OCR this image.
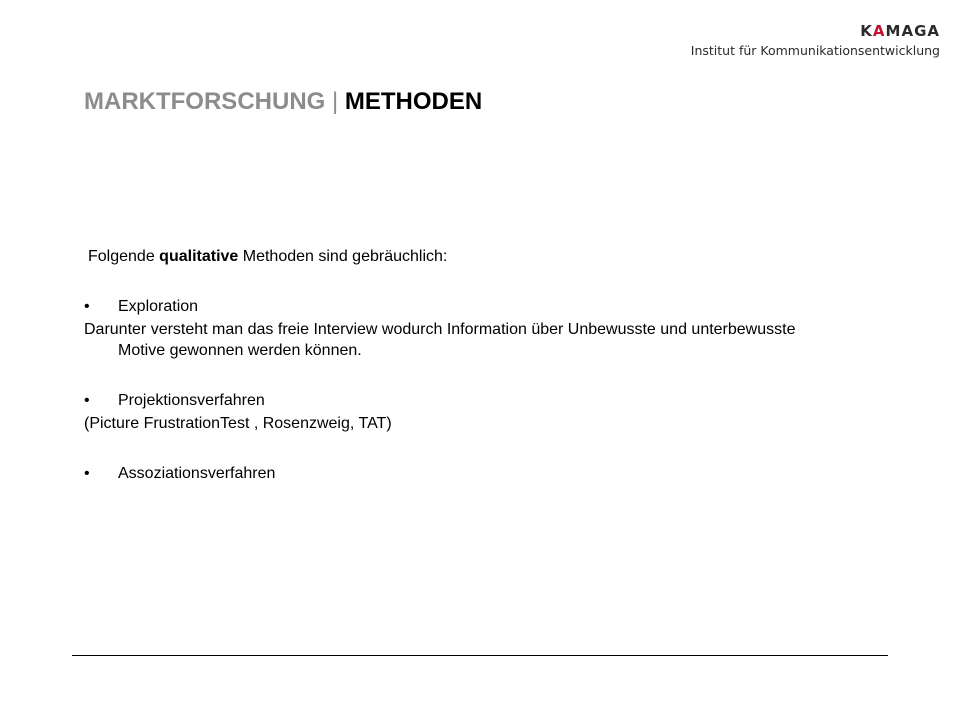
KAMAGA
Institut für Kommunikationsentwicklung
MARKTFORSCHUNG | METHODEN

Folgende qualitative Methoden sind gebräuchlich:

• Exploration

Darunter versteht man das freie Interview wodurch Information über Unbewusste und unterbewusste Motive gewonnen werden können.

• Projektionsverfahren

(Picture FrustrationTest , Rosenzweig, TAT)

• Assoziationsverfahren
